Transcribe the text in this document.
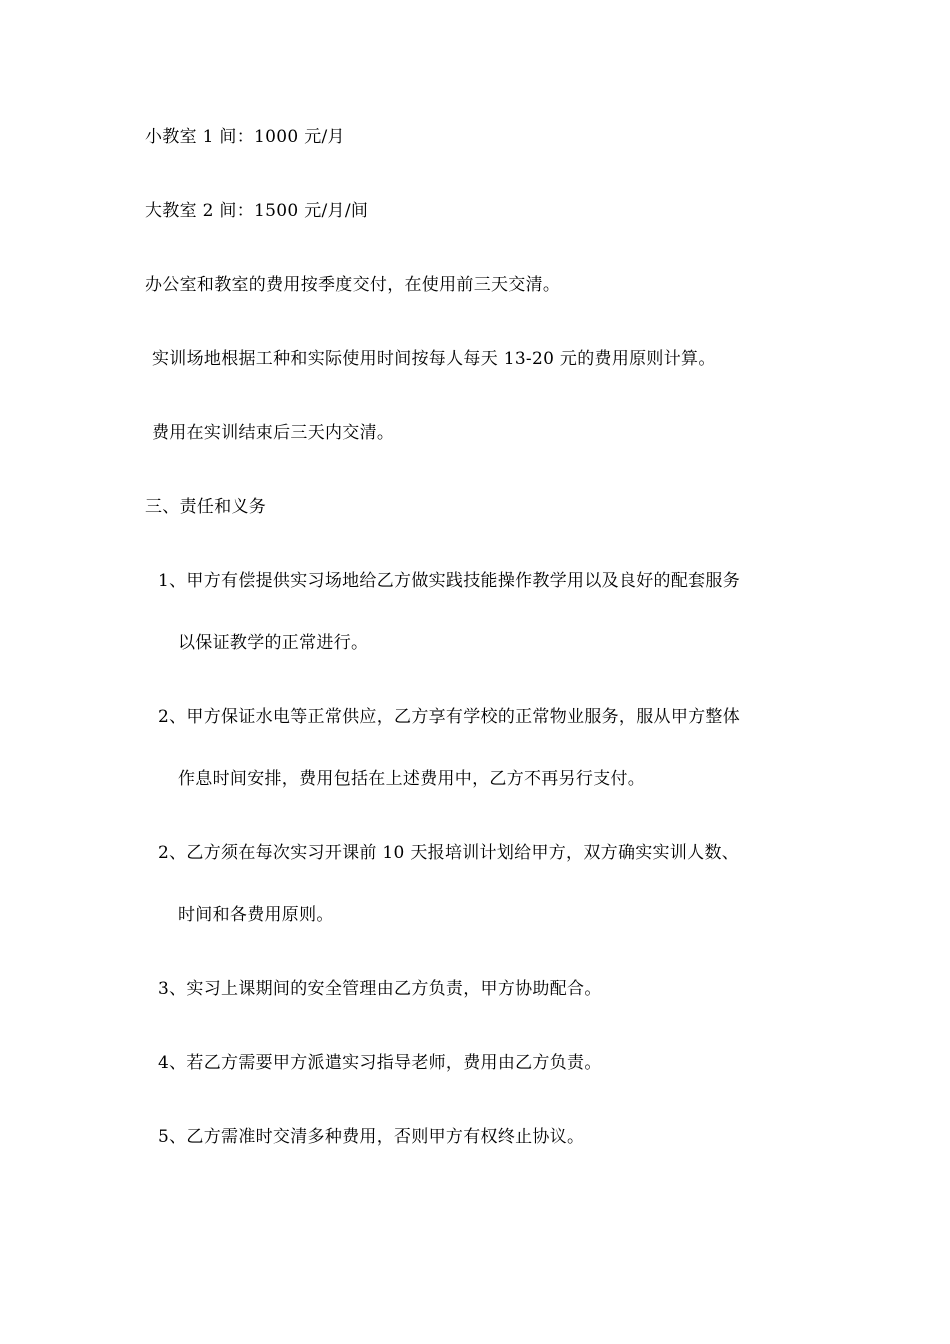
小教室 1 间：1000 元/月
大教室 2 间：1500 元/月/间
办公室和教室的费用按季度交付，在使用前三天交清。
实训场地根据工种和实际使用时间按每人每天 13-20 元的费用原则计算。
费用在实训结束后三天内交清。
三、责任和义务
1、甲方有偿提供实习场地给乙方做实践技能操作教学用以及良好的配套服务
以保证教学的正常进行。
2、甲方保证水电等正常供应，乙方享有学校的正常物业服务，服从甲方整体
作息时间安排，费用包括在上述费用中，乙方不再另行支付。
2、乙方须在每次实习开课前 10 天报培训计划给甲方，双方确实实训人数、
时间和各费用原则。
3、实习上课期间的安全管理由乙方负责，甲方协助配合。
4、若乙方需要甲方派遣实习指导老师，费用由乙方负责。
5、乙方需准时交清多种费用，否则甲方有权终止协议。
